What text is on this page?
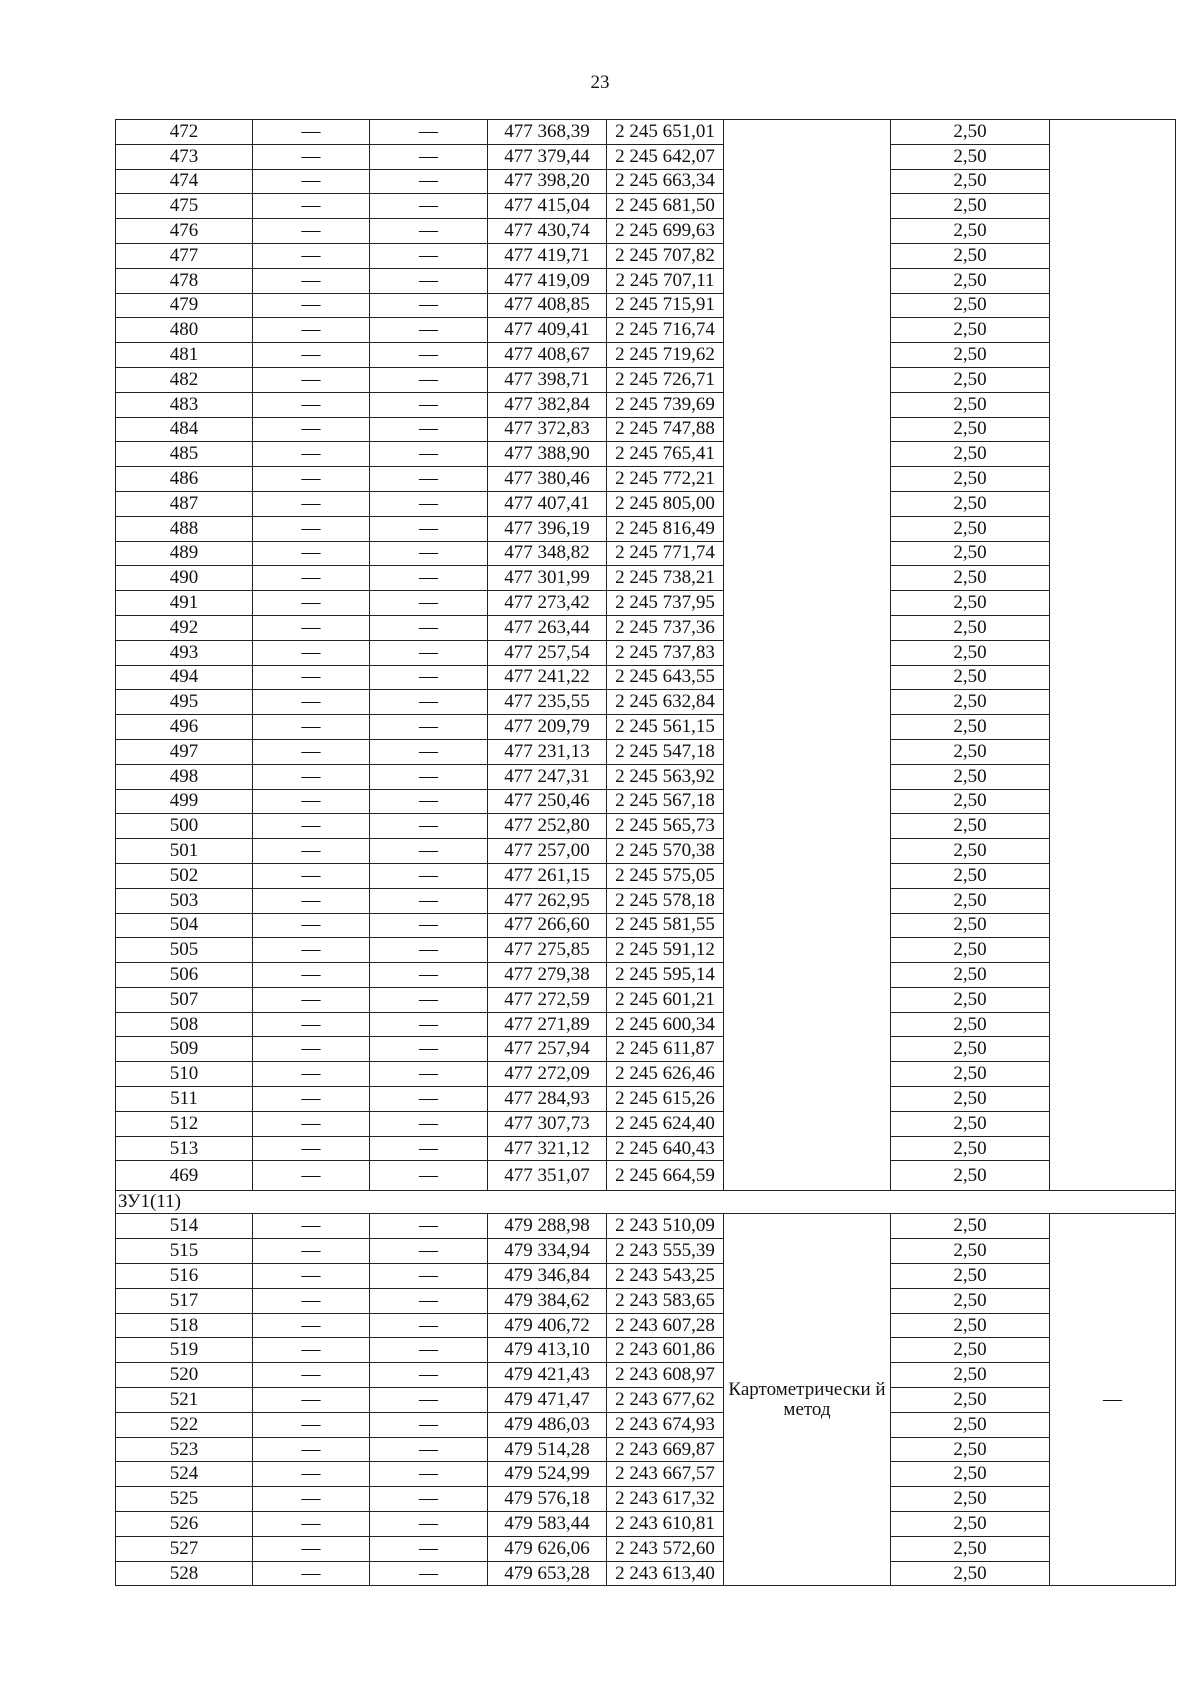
23
472	—	—	477 368,39	2 245 651,01		2,50	
473	—	—	477 379,44	2 245 642,07		2,50	
474	—	—	477 398,20	2 245 663,34		2,50	
475	—	—	477 415,04	2 245 681,50		2,50	
476	—	—	477 430,74	2 245 699,63		2,50	
477	—	—	477 419,71	2 245 707,82		2,50	
478	—	—	477 419,09	2 245 707,11		2,50	
479	—	—	477 408,85	2 245 715,91		2,50	
480	—	—	477 409,41	2 245 716,74		2,50	
481	—	—	477 408,67	2 245 719,62		2,50	
482	—	—	477 398,71	2 245 726,71		2,50	
483	—	—	477 382,84	2 245 739,69		2,50	
484	—	—	477 372,83	2 245 747,88		2,50	
485	—	—	477 388,90	2 245 765,41		2,50	
486	—	—	477 380,46	2 245 772,21		2,50	
487	—	—	477 407,41	2 245 805,00		2,50	
488	—	—	477 396,19	2 245 816,49		2,50	
489	—	—	477 348,82	2 245 771,74		2,50	
490	—	—	477 301,99	2 245 738,21		2,50	
491	—	—	477 273,42	2 245 737,95		2,50	
492	—	—	477 263,44	2 245 737,36		2,50	
493	—	—	477 257,54	2 245 737,83		2,50	
494	—	—	477 241,22	2 245 643,55		2,50	
495	—	—	477 235,55	2 245 632,84		2,50	
496	—	—	477 209,79	2 245 561,15		2,50	
497	—	—	477 231,13	2 245 547,18		2,50	
498	—	—	477 247,31	2 245 563,92		2,50	
499	—	—	477 250,46	2 245 567,18		2,50	
500	—	—	477 252,80	2 245 565,73		2,50	
501	—	—	477 257,00	2 245 570,38		2,50	
502	—	—	477 261,15	2 245 575,05		2,50	
503	—	—	477 262,95	2 245 578,18		2,50	
504	—	—	477 266,60	2 245 581,55		2,50	
505	—	—	477 275,85	2 245 591,12		2,50	
506	—	—	477 279,38	2 245 595,14		2,50	
507	—	—	477 272,59	2 245 601,21		2,50	
508	—	—	477 271,89	2 245 600,34		2,50	
509	—	—	477 257,94	2 245 611,87		2,50	
510	—	—	477 272,09	2 245 626,46		2,50	
511	—	—	477 284,93	2 245 615,26		2,50	
512	—	—	477 307,73	2 245 624,40		2,50	
513	—	—	477 321,12	2 245 640,43		2,50	
469	—	—	477 351,07	2 245 664,59		2,50	
ЗУ1(11)							
514	—	—	479 288,98	2 243 510,09	Картометрически й метод	2,50	—
515	—	—	479 334,94	2 243 555,39		2,50	
516	—	—	479 346,84	2 243 543,25		2,50	
517	—	—	479 384,62	2 243 583,65		2,50	
518	—	—	479 406,72	2 243 607,28		2,50	
519	—	—	479 413,10	2 243 601,86		2,50	
520	—	—	479 421,43	2 243 608,97		2,50	
521	—	—	479 471,47	2 243 677,62		2,50	
522	—	—	479 486,03	2 243 674,93		2,50	
523	—	—	479 514,28	2 243 669,87		2,50	
524	—	—	479 524,99	2 243 667,57		2,50	
525	—	—	479 576,18	2 243 617,32		2,50	
526	—	—	479 583,44	2 243 610,81		2,50	
527	—	—	479 626,06	2 243 572,60		2,50	
528	—	—	479 653,28	2 243 613,40		2,50	
